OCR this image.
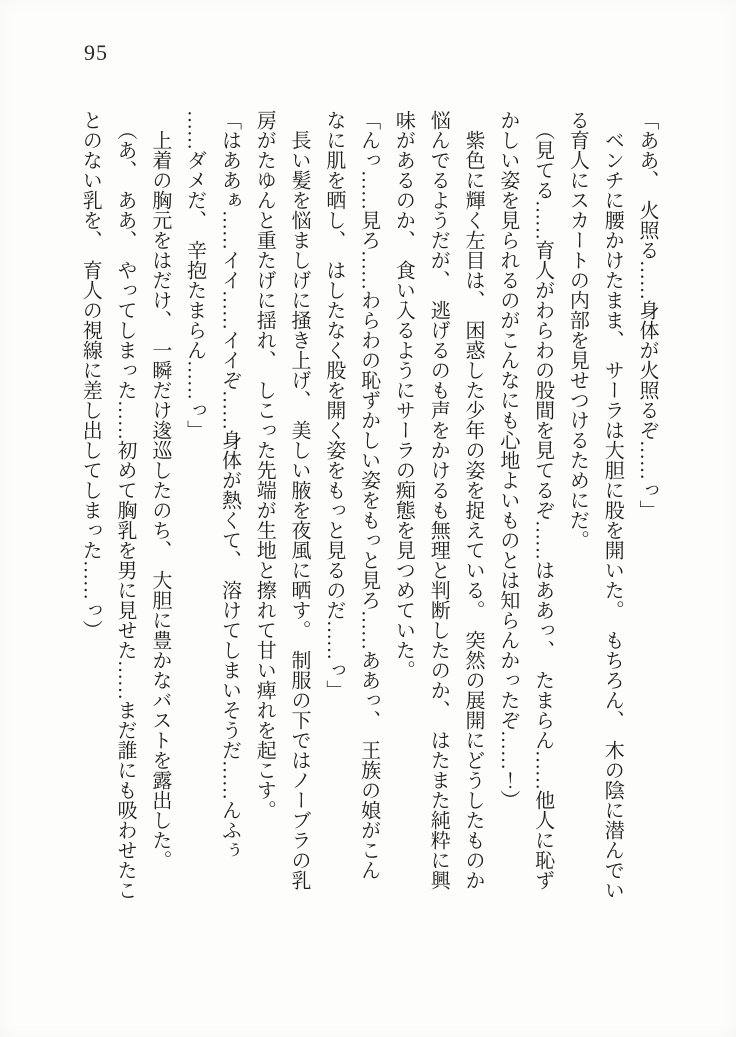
95

「ああ、　火照る……身体が火照るぞ……っ」

　ベンチに腰かけたまま、　サーラは大胆に股を開いた。　もちろん、　木の陰に潜んでい

る育人にスカートの内部を見せつけるためにだ。

　（見てる……育人がわらわの股間を見てるぞ……はああっ、　たまらん……他人に恥ず

かしい姿を見られるのがこんなにも心地よいものとは知らんかったぞ……！）

　紫色に輝く左目は、　困惑した少年の姿を捉えている。　突然の展開にどうしたものか

悩んでるようだが、　逃げるのも声をかけるも無理と判断したのか、　はたまた純粋に興

味があるのか、　食い入るようにサーラの痴態を見つめていた。

「んっ……見ろ……わらわの恥ずかしい姿をもっと見ろ……ああっ、　王族の娘がこん

なに肌を晒し、　はしたなく股を開く姿をもっと見るのだ……っ」

　長い髪を悩ましげに掻き上げ、　美しい腋を夜風に晒す。　制服の下ではノーブラの乳

房がたゆんと重たげに揺れ、　しこった先端が生地と擦れて甘い痺れを起こす。

「はああぁ……イイ……イイぞ……身体が熱くて、　溶けてしまいそうだ……んふぅ

……ダメだ、　辛抱たまらん……っ」

　上着の胸元をはだけ、　一瞬だけ逡巡したのち、　大胆に豊かなバストを露出した。

　（あ、　ああ、　やってしまった……初めて胸乳を男に見せた……まだ誰にも吸わせたこ

とのない乳を、　育人の視線に差し出してしまった……っ）
